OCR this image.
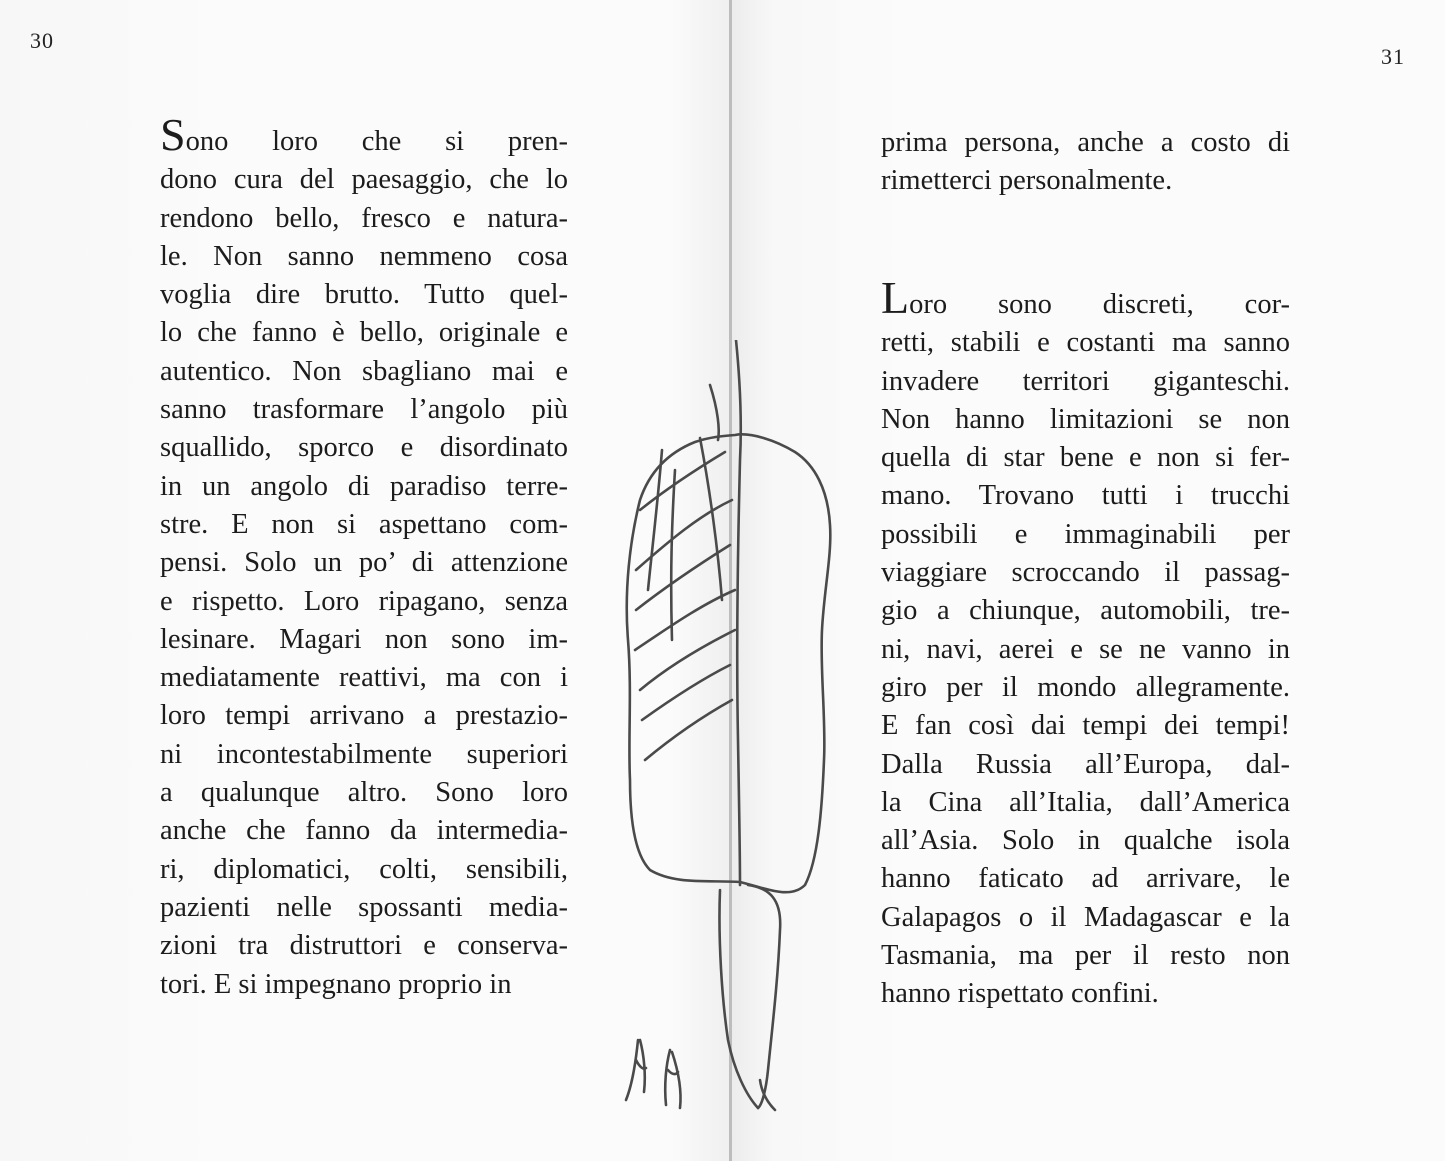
30
Sono loro che si pren-
dono cura del paesaggio, che lo
rendono bello, fresco e natura-
le. Non sanno nemmeno cosa
voglia dire brutto. Tutto quel-
lo che fanno è bello, originale e
autentico. Non sbagliano mai e
sanno trasformare l’angolo più
squallido, sporco e disordinato
in un angolo di paradiso terre-
stre. E non si aspettano com-
pensi. Solo un po’ di attenzione
e rispetto. Loro ripagano, senza
lesinare. Magari non sono im-
mediatamente reattivi, ma con i
loro tempi arrivano a prestazio-
ni incontestabilmente superiori
a qualunque altro. Sono loro
anche che fanno da intermedia-
ri, diplomatici, colti, sensibili,
pazienti nelle spossanti media-
zioni tra distruttori e conserva-
tori. E si impegnano proprio in
31
prima persona, anche a costo di
rimetterci personalmente.
Loro sono discreti, cor-
retti, stabili e costanti ma sanno
invadere territori giganteschi.
Non hanno limitazioni se non
quella di star bene e non si fer-
mano. Trovano tutti i trucchi
possibili e immaginabili per
viaggiare scroccando il passag-
gio a chiunque, automobili, tre-
ni, navi, aerei e se ne vanno in
giro per il mondo allegramente.
E fan così dai tempi dei tempi!
Dalla Russia all’Europa, dal-
la Cina all’Italia, dall’America
all’Asia. Solo in qualche isola
hanno faticato ad arrivare, le
Galapagos o il Madagascar e la
Tasmania, ma per il resto non
hanno rispettato confini.
